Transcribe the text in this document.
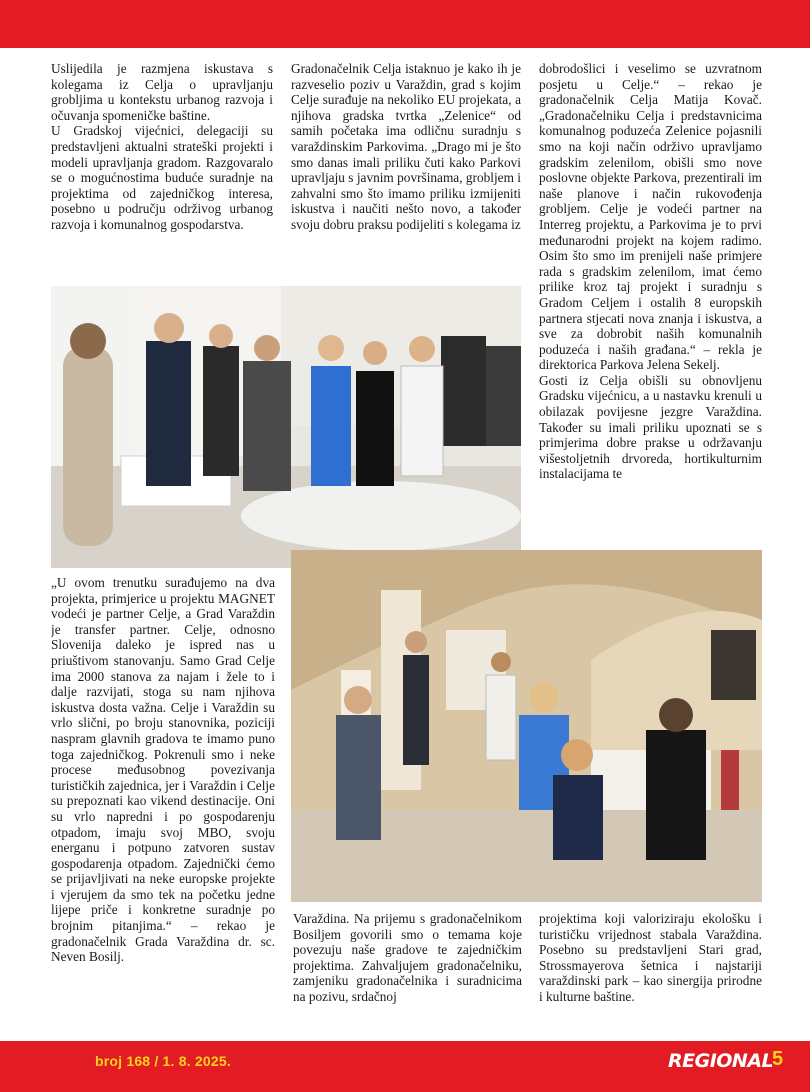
Uslijedila je razmjena iskustava s kolegama iz Celja o upravljanju grobljima u kontekstu urbanog razvoja i očuvanja spomeničke baštine.

U Gradskoj vijećnici, delegaciji su predstavljeni aktualni strateški projekti i modeli upravljanja gradom. Razgovaralo se o mogućnostima buduće suradnje na projektima od zajedničkog interesa, posebno u području održivog urbanog razvoja i komunalnog gospodarstva.

Gradonačelnik Celja istaknuo je kako ih je razveselio poziv u Varaždin, grad s kojim Celje surađuje na nekoliko EU projekata, a njihova gradska tvrtka „Zelenice“ od samih početaka ima odličnu suradnju s varaždinskim Parkovima. „Drago mi je što smo danas imali priliku čuti kako Parkovi upravljaju s javnim površinama, grobljem i zahvalni smo što imamo priliku izmijeniti iskustva i naučiti nešto novo, a također svoju dobru praksu podijeliti s kolegama iz

dobrodošlici i veselimo se uzvratnom posjetu u Celje.“ – rekao je gradonačelnik Celja Matija Kovač. „Gradonačelniku Celja i predstavnicima komunalnog poduzeća Zelenice pojasnili smo na koji način održivo upravljamo gradskim zelenilom, obišli smo nove poslovne objekte Parkova, prezentirali im naše planove i način rukovođenja grobljem. Celje je vodeći partner na Interreg projektu, a Parkovima je to prvi međunarodni projekt na kojem radimo. Osim što smo im prenijeli naše primjere rada s gradskim zelenilom, imat ćemo prilike kroz taj projekt i suradnju s Gradom Celjem i ostalih 8 europskih partnera stjecati nova znanja i iskustva, a sve za dobrobit naših komunalnih poduzeća i naših građana.“ – rekla je direktorica Parkova Jelena Sekelj.

Gosti iz Celja obišli su obnovljenu Gradsku vijećnicu, a u nastavku krenuli u obilazak povijesne jezgre Varaždina. Također su imali priliku upoznati se s primjerima dobre prakse u održavanju višestoljetnih drvoreda, hortikulturnim instalacijama te

„U ovom trenutku surađujemo na dva projekta, primjerice u projektu MAGNET vodeći je partner Celje, a Grad Varaždin je transfer partner. Celje, odnosno Slovenija daleko je ispred nas u priuštivom stanovanju. Samo Grad Celje ima 2000 stanova za najam i žele to i dalje razvijati, stoga su nam njihova iskustva dosta važna. Celje i Varaždin su vrlo slični, po broju stanovnika, poziciji naspram glavnih gradova te imamo puno toga zajedničkog. Pokrenuli smo i neke procese međusobnog povezivanja turističkih zajednica, jer i Varaždin i Celje su prepoznati kao vikend destinacije. Oni su vrlo napredni i po gospodarenju otpadom, imaju svoj MBO, svoju energanu i potpuno zatvoren sustav gospodarenja otpadom. Zajednički ćemo se prijavljivati na neke europske projekte i vjerujem da smo tek na početku jedne lijepe priče i konkretne suradnje po brojnim pitanjima.“ – rekao je gradonačelnik Grada Varaždina dr. sc. Neven Bosilj.

Varaždina. Na prijemu s gradonačelnikom Bosiljem govorili smo o temama koje povezuju naše gradove te zajedničkim projektima. Zahvaljujem gradonačelniku, zamjeniku gradonačelnika i suradnicima na pozivu, srdačnoj

projektima koji valoriziraju ekološku i turističku vrijednost stabala Varaždina. Posebno su predstavljeni Stari grad, Strossmayerova šetnica i najstariji varaždinski park – kao sinergija prirodne i kulturne baštine.

broj 168 / 1. 8. 2025.	REGIONAL
5
